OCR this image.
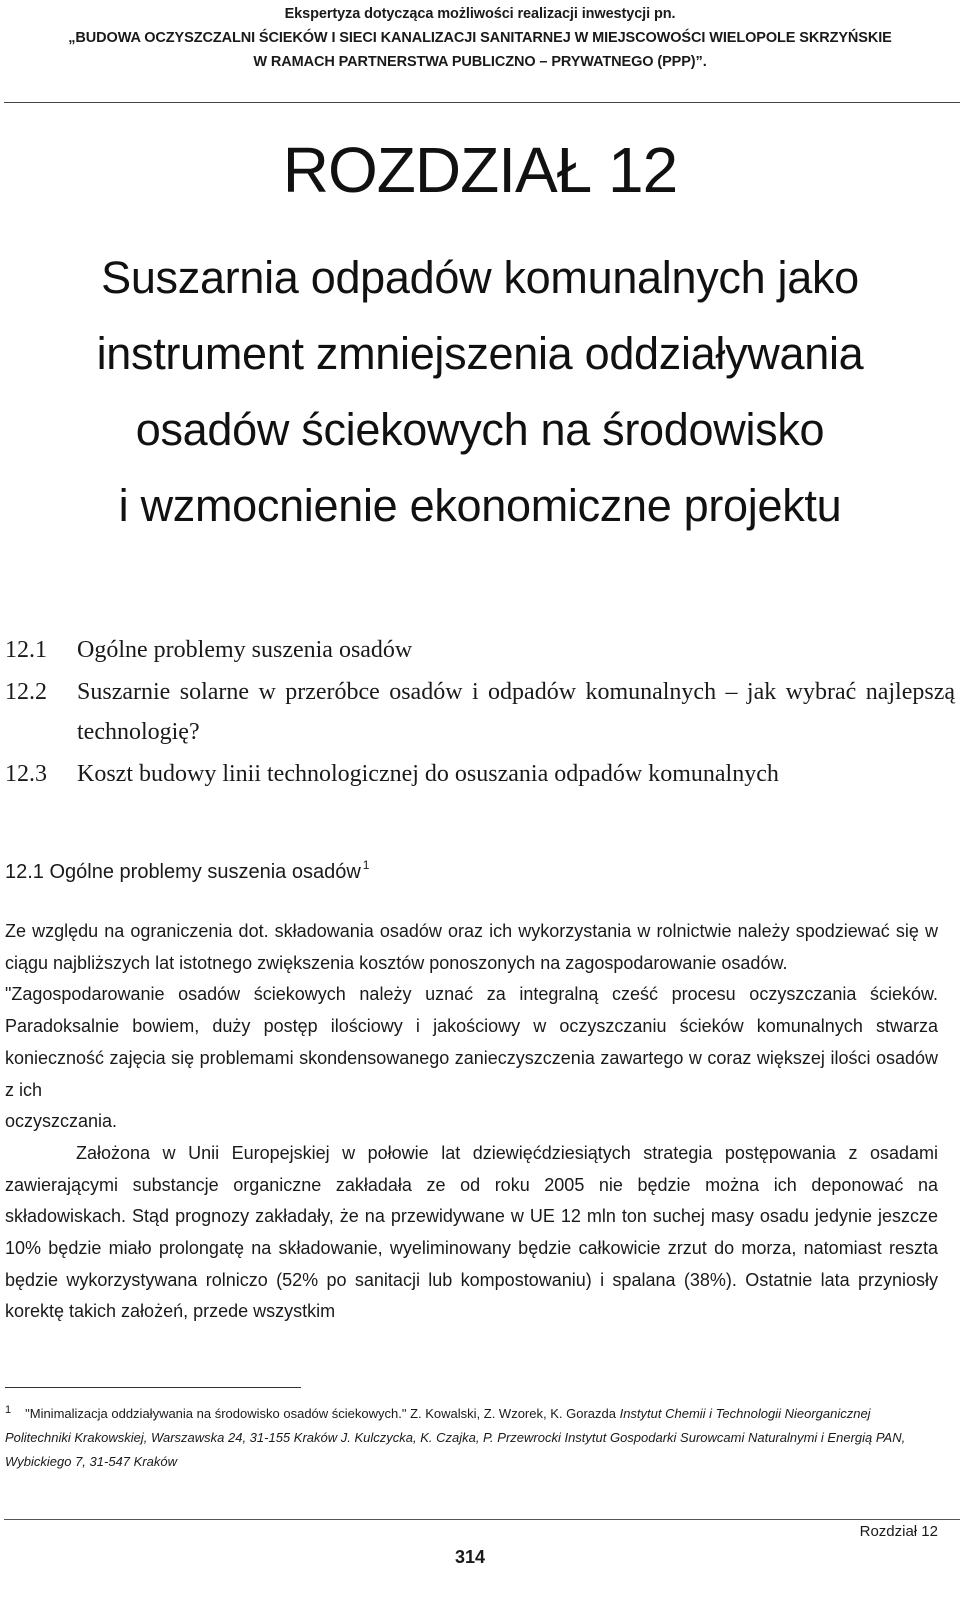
Ekspertyza dotycząca możliwości realizacji inwestycji pn.
„BUDOWA OCZYSZCZALNI ŚCIEKÓW I SIECI KANALIZACJI SANITARNEJ W MIEJSCOWOŚCI WIELOPOLE SKRZYŃSKIE
W RAMACH PARTNERSTWA PUBLICZNO – PRYWATNEGO (PPP)”.
ROZDZIAŁ 12
Suszarnia odpadów komunalnych jako
instrument zmniejszenia oddziaływania
osadów ściekowych na środowisko
i wzmocnienie ekonomiczne projektu
12.1	Ogólne problemy suszenia osadów
12.2	Suszarnie solarne w przeróbce osadów i odpadów komunalnych – jak wybrać najlepszą technologię?
12.3	Koszt budowy linii technologicznej do osuszania odpadów komunalnych
12.1 Ogólne problemy suszenia osadów $^1$

Ze względu na ograniczenia dot. składowania osadów oraz ich wykorzystania w rolnictwie należy spodziewać się w ciągu najbliższych lat istotnego zwiększenia kosztów ponoszonych na zagospodarowanie osadów.

"Zagospodarowanie osadów ściekowych należy uznać za integralną cześć procesu oczyszczania ścieków. Paradoksalnie bowiem, duży postęp ilościowy i jakościowy w oczyszczaniu ścieków komunalnych stwarza konieczność zajęcia się problemami skondensowanego zanieczyszczenia zawartego w coraz większej ilości osadów z ich

oczyszczania.

Założona w Unii Europejskiej w połowie lat dziewięćdziesiątych strategia postępowania z osadami zawierającymi substancje organiczne zakładała ze od roku 2005 nie będzie można ich deponować na składowiskach. Stąd prognozy zakładały, że na przewidywane w UE 12 mln ton suchej masy osadu jedynie jeszcze 10% będzie miało prolongatę na składowanie, wyeliminowany będzie całkowicie zrzut do morza, natomiast reszta będzie wykorzystywana rolniczo (52% po sanitacji lub kompostowaniu) i spalana (38%). Ostatnie lata przyniosły korektę takich założeń, przede wszystkim

$^1$ "Minimalizacja oddziaływania na środowisko osadów ściekowych." Z. Kowalski, Z. Wzorek, K. Gorazda Instytut Chemii i Technologii Nieorganicznej Politechniki Krakowskiej, Warszawska 24, 31-155 Kraków J. Kulczycka, K. Czajka, P. Przewrocki Instytut Gospodarki Surowcami Naturalnymi i Energią PAN, Wybickiego 7, 31-547 Kraków
Rozdział 12
314
